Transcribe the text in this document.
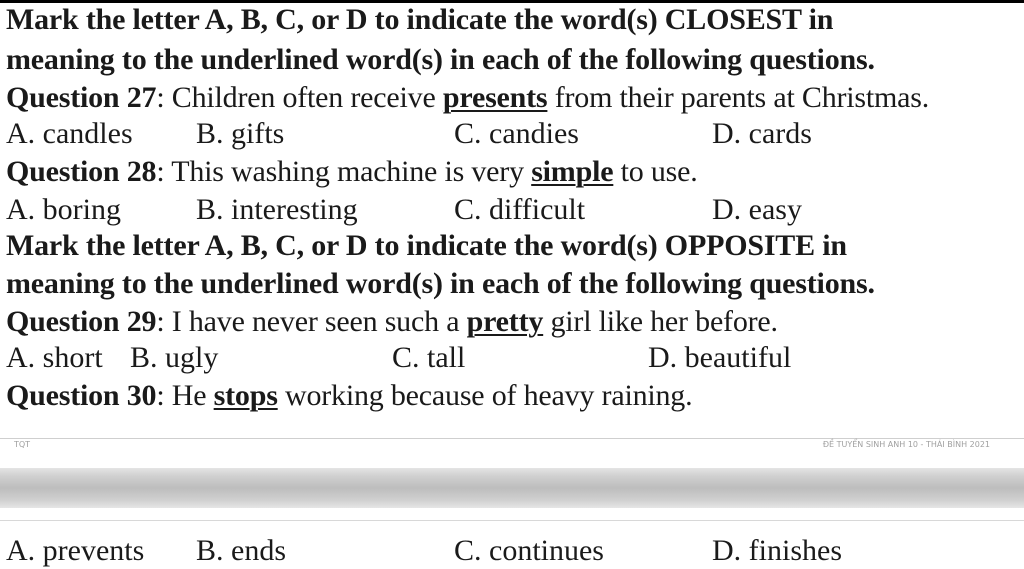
Mark the letter A, B, C, or D to indicate the word(s) CLOSEST in
meaning to the underlined word(s) in each of the following questions.
Question 27: Children often receive presents from their parents at Christmas.
A. candles B. gifts	C. candies	D. cards
Question 28: This washing machine is very simple to use.
A. boring	B. interesting	C. difficult	D. easy
Mark the letter A, B, C, or D to indicate the word(s) OPPOSITE in
meaning to the underlined word(s) in each of the following questions.
Question 29: I have never seen such a pretty girl like her before.
A. short B. ugly	C. tall	D. beautiful
Question 30: He stops working because of heavy raining.
TQT	ĐỀ TUYỂN SINH ANH 10 - THÁI BÌNH 2021
A. prevents B. ends	C. continues	D. finishes
